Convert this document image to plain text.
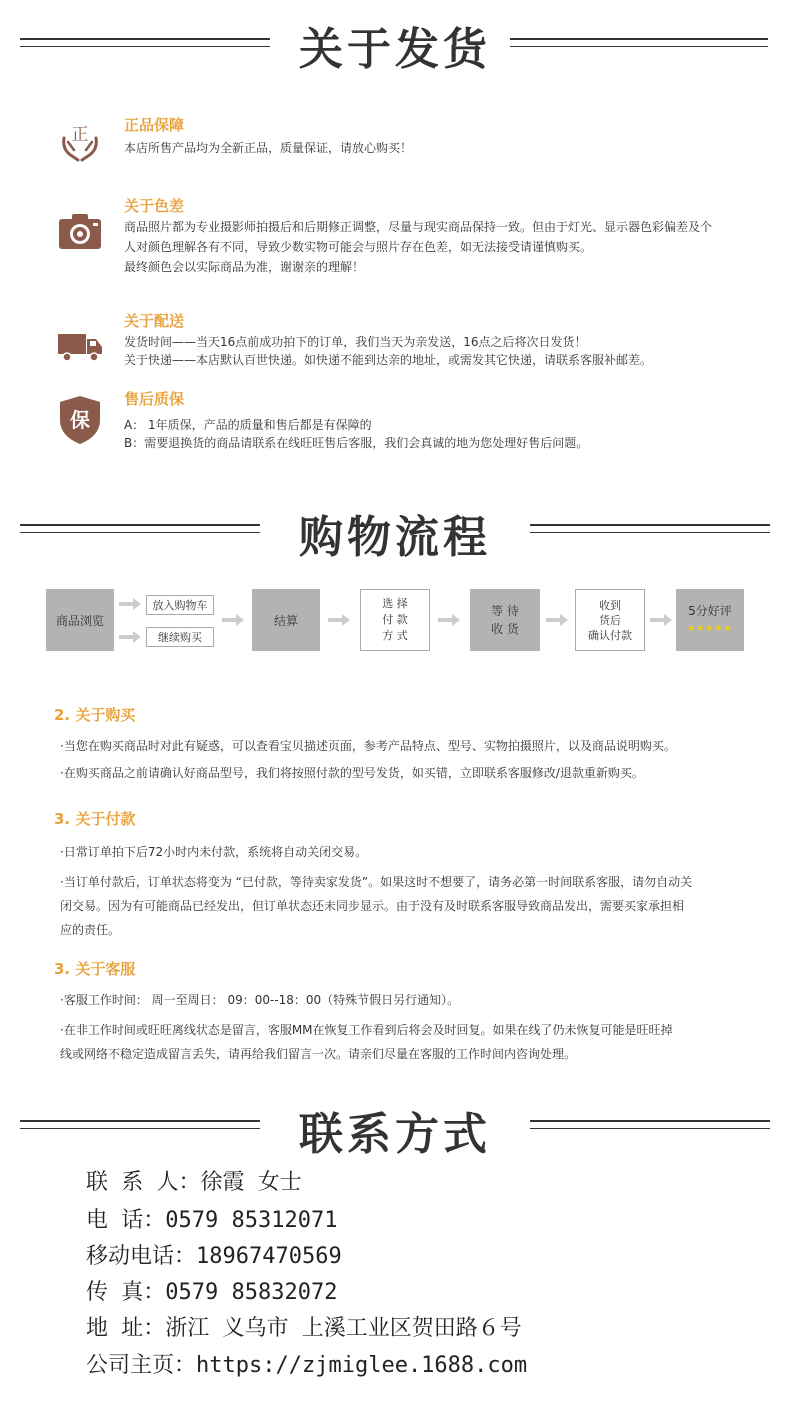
关于发货
正 正品保障
本店所售产品均为全新正品，质量保证，请放心购买！
关于色差
商品照片都为专业摄影师拍摄后和后期修正调整，尽量与现实商品保持一致。但由于灯光、显示器色彩偏差及个
人对颜色理解各有不同，导致少数实物可能会与照片存在色差，如无法接受请谨慎购买。
最终颜色会以实际商品为准，谢谢亲的理解！
关于配送
发货时间——当天16点前成功拍下的订单，我们当天为亲发送，16点之后将次日发货！
关于快递——本店默认百世快递。如快递不能到达亲的地址，或需发其它快递，请联系客服补邮差。
保
售后质保
A： 1年质保，产品的质量和售后都是有保障的
B：需要退换货的商品请联系在线旺旺售后客服，我们会真诚的地为您处理好售后问题。
购物流程
商品浏览
放入购物车
继续购买
结算
选 择
付 款
方 式
等 待
收 货
收到
货后
确认付款
5分好评
★★★★★
2. 关于购买
·当您在购买商品时对此有疑惑，可以查看宝贝描述页面，参考产品特点、型号、实物拍摄照片，以及商品说明购买。
·在购买商品之前请确认好商品型号，我们将按照付款的型号发货，如买错，立即联系客服修改/退款重新购买。
3. 关于付款
·日常订单拍下后72小时内未付款，系统将自动关闭交易。
·当订单付款后，订单状态将变为 “已付款，等待卖家发货”。如果这时不想要了，请务必第一时间联系客服，请勿自动关
闭交易。因为有可能商品已经发出，但订单状态还未同步显示。由于没有及时联系客服导致商品发出，需要买家承担相
应的责任。
3. 关于客服
·客服工作时间： 周一至周日： 09：00--18：00（特殊节假日另行通知）。
·在非工作时间或旺旺离线状态是留言，客服MM在恢复工作看到后将会及时回复。如果在线了仍未恢复可能是旺旺掉
线或网络不稳定造成留言丢失，请再给我们留言一次。请亲们尽量在客服的工作时间内咨询处理。
联系方式
联 系 人：徐霞 女士
电 话：0579 85312071
移动电话：18967470569
传 真：0579 85832072
地 址：浙江 义乌市 上溪工业区贺田路６号
公司主页：https://zjmiglee.1688.com
